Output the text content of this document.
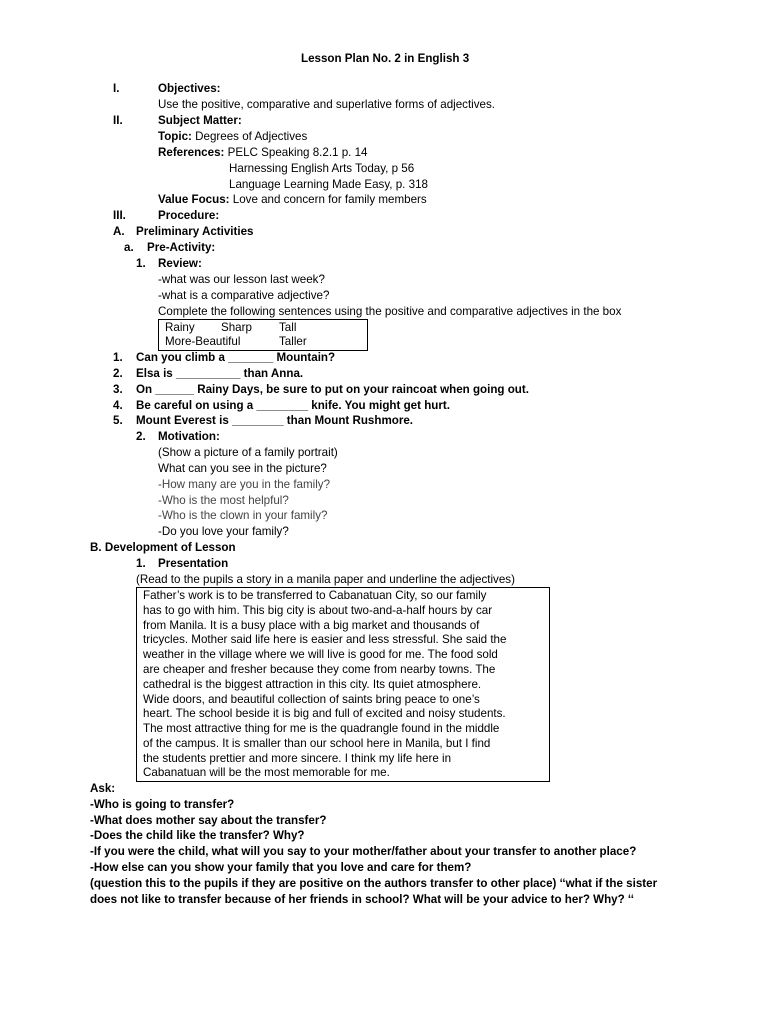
Lesson Plan No. 2 in English 3
I.	Objectives:
Use the positive, comparative and superlative forms of adjectives.
II.	Subject Matter:
Topic: Degrees of Adjectives
References: PELC Speaking 8.2.1 p. 14
Harnessing English Arts Today, p 56
Language Learning Made Easy, p. 318
Value Focus: Love and concern for family members
III.	Procedure:
A. Preliminary Activities
a. Pre-Activity:
1. Review:
-what was our lesson last week?
-what is a comparative adjective?
Complete the following sentences using the positive and comparative adjectives in the box
Rainy Sharp Tall
More-Beautiful	Taller
1. Can you climb a _______ Mountain?
2. Elsa is __________ than Anna.
3. On ______ Rainy Days, be sure to put on your raincoat when going out.
4. Be careful on using a ________ knife. You might get hurt.
5. Mount Everest is ________ than Mount Rushmore.
2. Motivation:
(Show a picture of a family portrait)
What can you see in the picture?
-How many are you in the family?
-Who is the most helpful?
-Who is the clown in your family?
-Do you love your family?
B. Development of Lesson
1. Presentation
(Read to the pupils a story in a manila paper and underline the adjectives)
Father’s work is to be transferred to Cabanatuan City, so our family
has to go with him. This big city is about two-and-a-half hours by car
from Manila. It is a busy place with a big market and thousands of
tricycles. Mother said life here is easier and less stressful. She said the
weather in the village where we will live is good for me. The food sold
are cheaper and fresher because they come from nearby towns. The
cathedral is the biggest attraction in this city. Its quiet atmosphere.
Wide doors, and beautiful collection of saints bring peace to one’s
heart. The school beside it is big and full of excited and noisy students.
The most attractive thing for me is the quadrangle found in the middle
of the campus. It is smaller than our school here in Manila, but I find
the students prettier and more sincere. I think my life here in
Cabanatuan will be the most memorable for me.
Ask:
-Who is going to transfer?
-What does mother say about the transfer?
-Does the child like the transfer? Why?
-If you were the child, what will you say to your mother/father about your transfer to another place?
-How else can you show your family that you love and care for them?
(question this to the pupils if they are positive on the authors transfer to other place) ‘‘what if the sister
does not like to transfer because of her friends in school? What will be your advice to her? Why? ‘‘
